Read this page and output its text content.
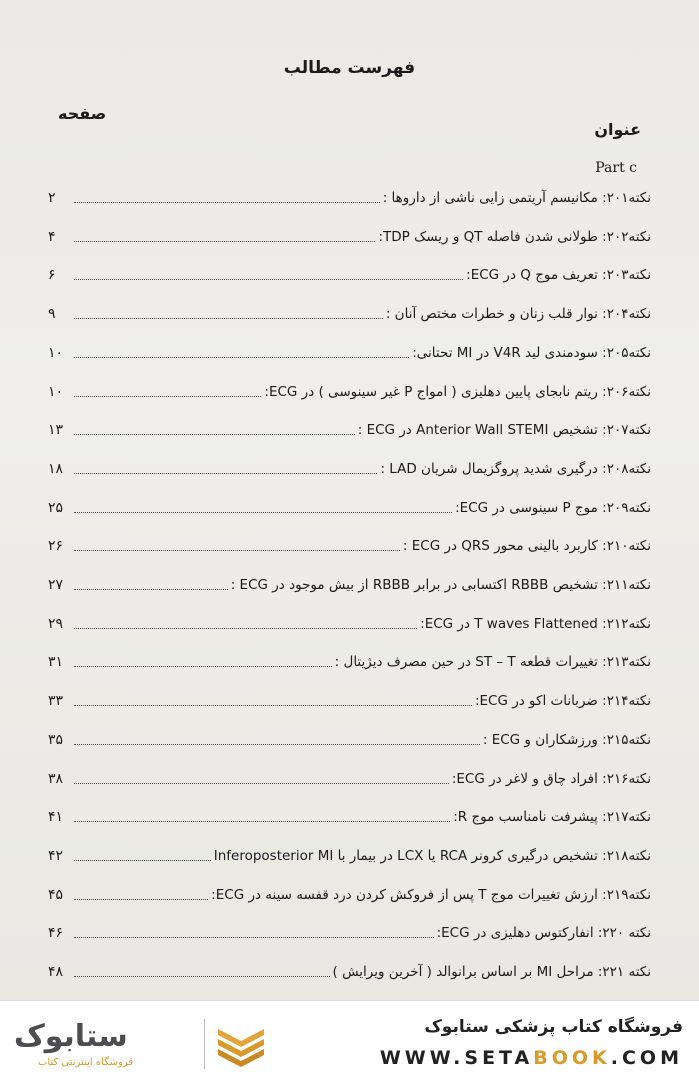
فهرست مطالب
صفحه
عنوان
Part c
نکته۲۰۱: مکانیسم آریتمی زایی ناشی از داروها :
۲
نکته۲۰۲: طولانی شدن فاصله QT و ریسک TDP:
۴
نکته۲۰۳: تعریف موج Q در ECG:
۶
نکته۲۰۴: نوار قلب زنان و خطرات مختص آنان :
۹
نکته۲۰۵: سودمندی لید V4R در MI تحتانی:
۱۰
نکته۲۰۶: ریتم نابجای پایین دهلیزی ( امواج P غیر سینوسی ) در ECG:
۱۰
نکته۲۰۷: تشخیص Anterior Wall STEMI در ECG :
۱۳
نکته۲۰۸: درگیری شدید پروگزیمال شریان LAD :
۱۸
نکته۲۰۹: موج P سینوسی در ECG:
۲۵
نکته۲۱۰: کاربرد بالینی محور QRS در ECG :
۲۶
نکته۲۱۱: تشخیص RBBB اکتسابی در برابر RBBB از بیش موجود در ECG :
۲۷
نکته۲۱۲: T waves Flattened در ECG:
۲۹
نکته۲۱۳: تغییرات قطعه ST – T در حین مصرف دیژیتال :
۳۱
نکته۲۱۴: ضربانات اکو در ECG:
۳۳
نکته۲۱۵: ورزشکاران و ECG :
۳۵
نکته۲۱۶: افراد چاق و لاغر در ECG:
۳۸
نکته۲۱۷: پیشرفت نامناسب موج R:
۴۱
نکته۲۱۸: تشخیص درگیری کرونر RCA یا LCX در بیمار با Inferoposterior MI
۴۲
نکته۲۱۹: ارزش تغییرات موج T پس از فروکش کردن درد قفسه سینه در ECG:
۴۵
نکته ۲۲۰: انفارکتوس دهلیزی در ECG:
۴۶
نکته ۲۲۱: مراحل MI بر اساس برانوالد ( آخرین ویرایش )
۴۸
ستابوک
فروشگاه اینترنتی کتاب
فروشگاه کتاب پزشکی ستابوک
WWW.SETABOOK.COM
